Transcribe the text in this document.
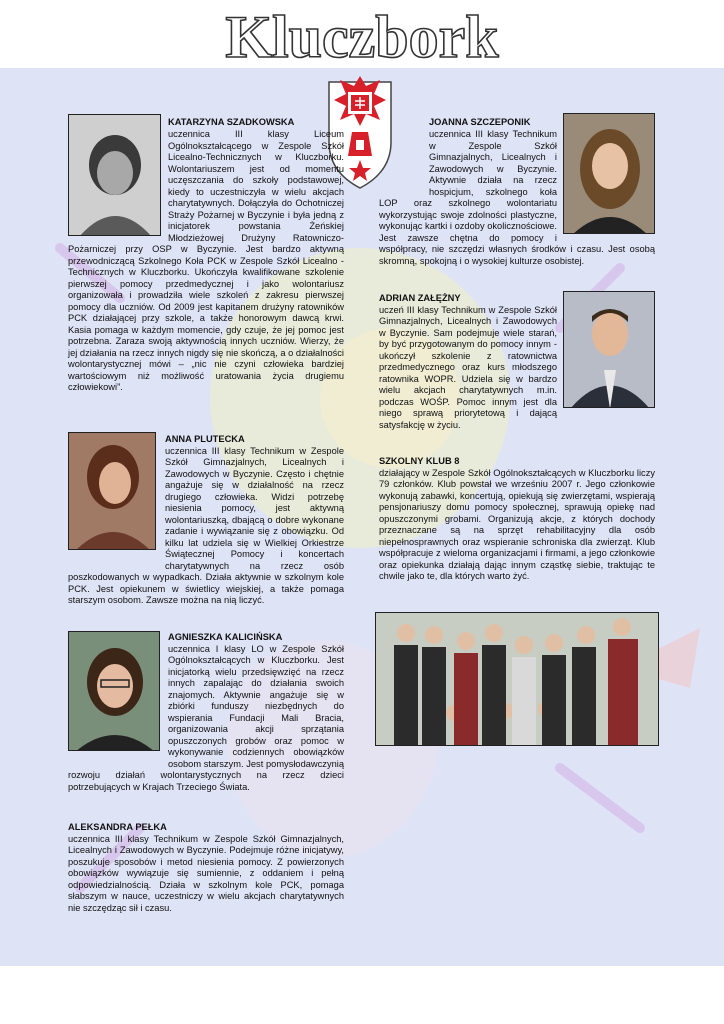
Kluczbork
KATARZYNA SZADKOWSKA

uczennica III klasy Liceum Ogólnokształcącego w Zespole Szkół Licealno-Technicznych w Kluczborku. Wolontariuszem jest od momentu uczęszczania do szkoły podstawowej, kiedy to uczestniczyła w wielu akcjach charytatywnych. Dołączyła do Ochotniczej Straży Pożarnej w Byczynie i była jedną z inicjatorek powstania Żeńskiej Młodzieżowej Drużyny Ratowniczo-Pożarniczej przy OSP w Byczynie. Jest bardzo aktywną przewodniczącą Szkolnego Koła PCK w Zespole Szkół Licealno - Technicznych w Kluczborku. Ukończyła kwalifikowane szkolenie pierwszej pomocy przedmedycznej i jako wolontariusz organizowała i prowadziła wiele szkoleń z zakresu pierwszej pomocy dla uczniów. Od 2009 jest kapitanem drużyny ratowników PCK działającej przy szkole, a także honorowym dawcą krwi. Kasia pomaga w każdym momencie, gdy czuje, że jej pomoc jest potrzebna. Zaraza swoją aktywnością innych uczniów. Wierzy, że jej działania na rzecz innych nigdy się nie skończą, a o działalności wolontarystycznej mówi – „nic nie czyni człowieka bardziej wartościowym niż możliwość uratowania życia drugiemu człowiekowi”.

JOANNA SZCZEPONIK

uczennica III klasy Technikum w Zespole Szkół Gimnazjalnych, Licealnych i Zawodowych w Byczynie. Aktywnie działa na rzecz hospicjum, szkolnego koła LOP oraz szkolnego wolontariatu wykorzystując swoje zdolności plastyczne, wykonując kartki i ozdoby okolicznościowe. Jest zawsze chętna do pomocy i współpracy, nie szczędzi własnych środków i czasu. Jest osobą skromną, spokojną i o wysokiej kulturze osobistej.

ADRIAN ZAŁĘŻNY

uczeń III klasy Technikum w Zespole Szkół Gimnazjalnych, Licealnych i Zawodowych w Byczynie. Sam podejmuje wiele starań, by być przygotowanym do pomocy innym - ukończył szkolenie z ratownictwa przedmedycznego oraz kurs młodszego ratownika WOPR. Udziela się w bardzo wielu akcjach charytatywnych m.in. podczas WOŚP. Pomoc innym jest dla niego sprawą priorytetową i dającą satysfakcję w życiu.

ANNA PLUTECKA

uczennica III klasy Technikum w Zespole Szkół Gimnazjalnych, Licealnych i Zawodowych w Byczynie. Często i chętnie angażuje się w działalność na rzecz drugiego człowieka. Widzi potrzebę niesienia pomocy, jest aktywną wolontariuszką, dbającą o dobre wykonane zadanie i wywiązanie się z obowiązku. Od kilku lat udziela się w Wielkiej Orkiestrze Świątecznej Pomocy i koncertach charytatywnych na rzecz osób poszkodowanych w wypadkach. Działa aktywnie w szkolnym kole PCK. Jest opiekunem w świetlicy wiejskiej, a także pomaga starszym osobom. Zawsze można na nią liczyć.

SZKOLNY KLUB 8

działający w Zespole Szkół Ogólnokształcących w Kluczborku liczy 79 członków. Klub powstał we wrześniu 2007 r. Jego członkowie wykonują zabawki, koncertują, opiekują się zwierzętami, wspierają pensjonariuszy domu pomocy społecznej, sprawują opiekę nad opuszczonymi grobami. Organizują akcje, z których dochody przeznaczane są na sprzęt rehabilitacyjny dla osób niepełnosprawnych oraz wspieranie schroniska dla zwierząt. Klub współpracuje z wieloma organizacjami i firmami, a jego członkowie oraz opiekunka działają dając innym cząstkę siebie, traktując te chwile jako te, dla których warto żyć.

AGNIESZKA KALICIŃSKA

uczennica I klasy LO w Zespole Szkół Ogólnokształcących w Kluczborku. Jest inicjatorką wielu przedsięwzięć na rzecz innych zapalając do działania swoich znajomych. Aktywnie angażuje się w zbiórki funduszy niezbędnych do wspierania Fundacji Mali Bracia, organizowania akcji sprzątania opuszczonych grobów oraz pomoc w wykonywanie codziennych obowiązków osobom starszym. Jest pomysłodawczynią rozwoju działań wolontarystycznych na rzecz dzieci potrzebujących w Krajach Trzeciego Świata.

ALEKSANDRA PEŁKA

uczennica III klasy Technikum w Zespole Szkół Gimnazjalnych, Licealnych i Zawodowych w Byczynie. Podejmuje różne inicjatywy, poszukuje sposobów i metod niesienia pomocy. Z powierzonych obowiązków wywiązuje się sumiennie, z oddaniem i pełną odpowiedzialnością. Działa w szkolnym kole PCK, pomaga słabszym w nauce, uczestniczy w wielu akcjach charytatywnych nie szczędząc sił i czasu.
